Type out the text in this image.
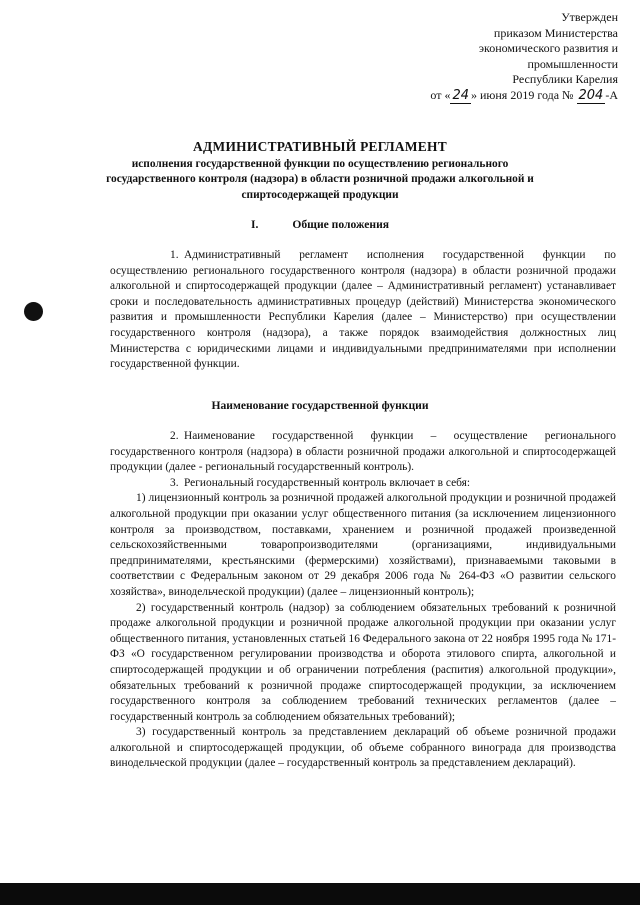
Утвержден
приказом Министерства
экономического развития и
промышленности
Республики Карелия
от « 24 » июня 2019 года № 204 -А

АДМИНИСТРАТИВНЫЙ РЕГЛАМЕНТ

исполнения государственной функции по осуществлению регионального государственного контроля (надзора) в области розничной продажи алкогольной и спиртосодержащей продукции

I.	Общие положения

1. Административный регламент исполнения государственной функции по осуществлению регионального государственного контроля (надзора) в области розничной продажи алкогольной и спиртосодержащей продукции (далее – Административный регламент) устанавливает сроки и последовательность административных процедур (действий) Министерства экономического развития и промышленности Республики Карелия (далее – Министерство) при осуществлении государственного контроля (надзора), а также порядок взаимодействия должностных лиц Министерства с юридическими лицами и индивидуальными предпринимателями при исполнении государственной функции.

Наименование государственной функции

2. Наименование государственной функции – осуществление регионального государственного контроля (надзора) в области розничной продажи алкогольной и спиртосодержащей продукции (далее - региональный государственный контроль).

3. Региональный государственный контроль включает в себя:

1) лицензионный контроль за розничной продажей алкогольной продукции и розничной продажей алкогольной продукции при оказании услуг общественного питания (за исключением лицензионного контроля за производством, поставками, хранением и розничной продажей произведенной сельскохозяйственными товаропроизводителями (организациями, индивидуальными предпринимателями, крестьянскими (фермерскими) хозяйствами), признаваемыми таковыми в соответствии с Федеральным законом от 29 декабря 2006 года № 264-ФЗ «О развитии сельского хозяйства», винодельческой продукции) (далее – лицензионный контроль);

2) государственный контроль (надзор) за соблюдением обязательных требований к розничной продаже алкогольной продукции и розничной продаже алкогольной продукции при оказании услуг общественного питания, установленных статьей 16 Федерального закона от 22 ноября 1995 года № 171-ФЗ «О государственном регулировании производства и оборота этилового спирта, алкогольной и спиртосодержащей продукции и об ограничении потребления (распития) алкогольной продукции», обязательных требований к розничной продаже спиртосодержащей продукции, за исключением государственного контроля за соблюдением требований технических регламентов (далее – государственный контроль за соблюдением обязательных требований);

3) государственный контроль за представлением деклараций об объеме розничной продажи алкогольной и спиртосодержащей продукции, об объеме собранного винограда для производства винодельческой продукции (далее – государственный контроль за представлением деклараций).
